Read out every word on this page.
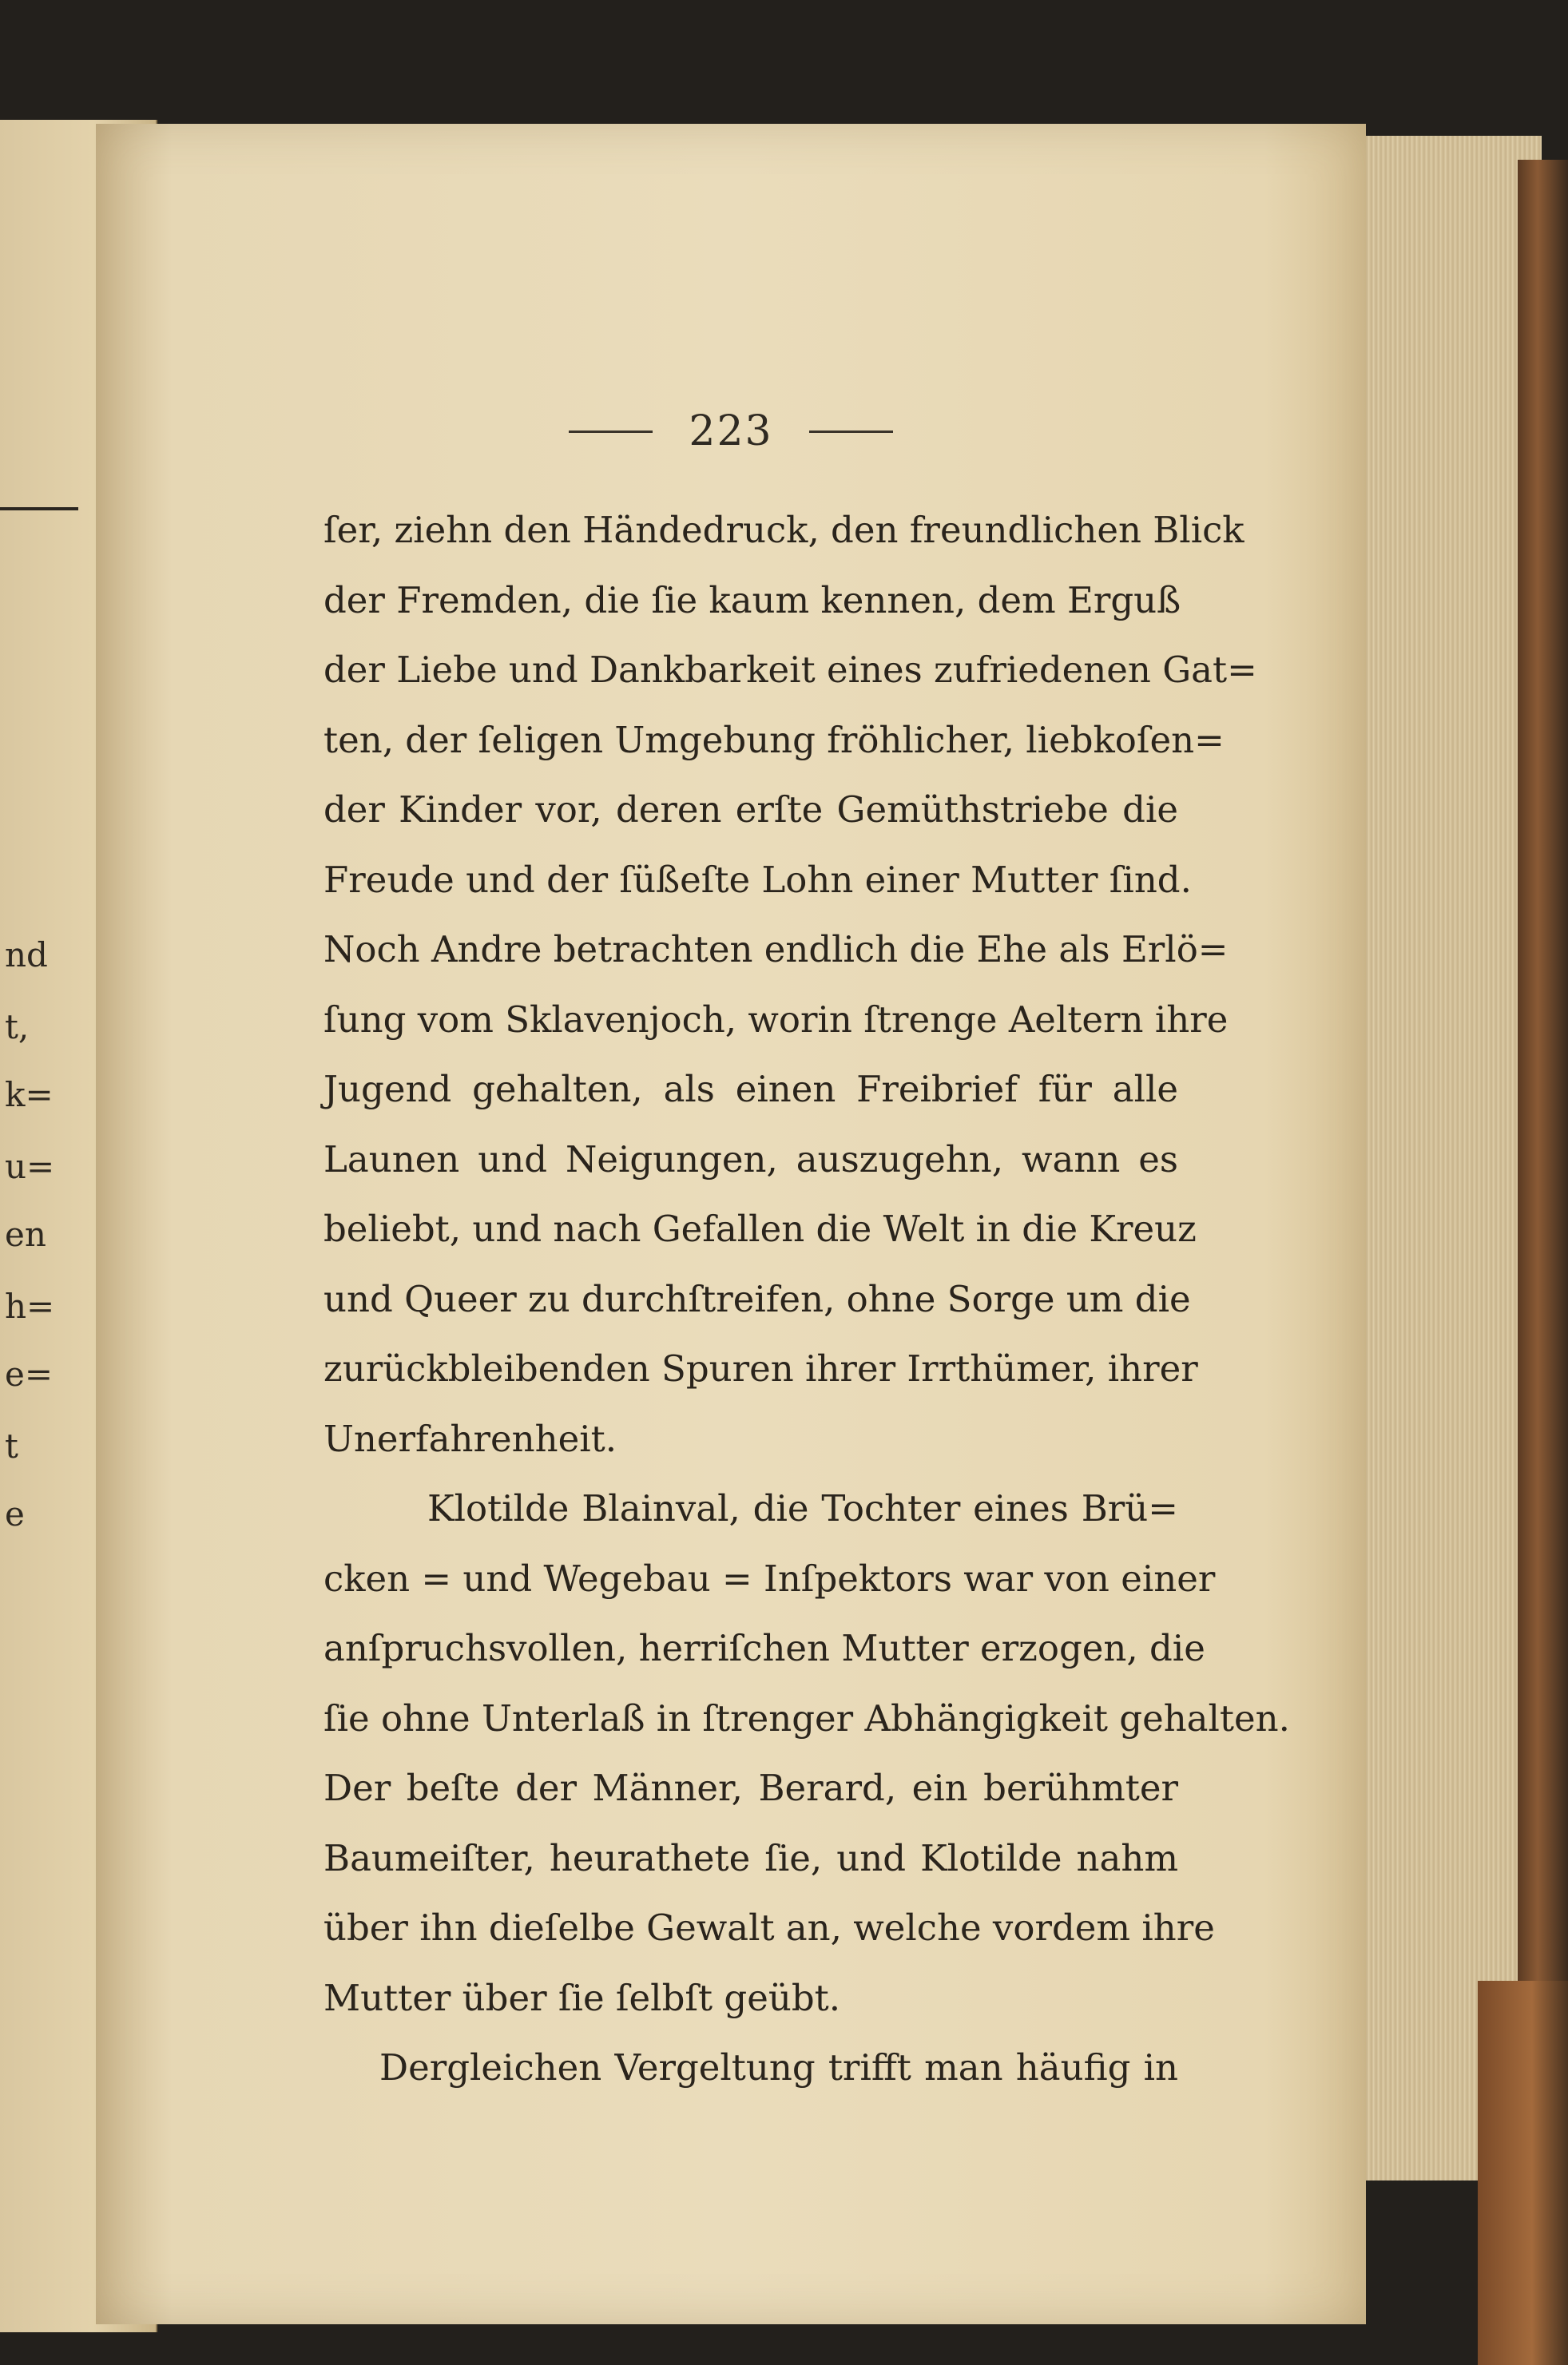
nd
t,
k=
u=
en
h=
e=
t
e
223
ſer, ziehn den Händedruck, den freundlichen Blick
der Fremden, die ſie kaum kennen, dem Erguß
der Liebe und Dankbarkeit eines zufriedenen Gat=
ten, der ſeligen Umgebung fröhlicher, liebkoſen=
der Kinder vor, deren erſte Gemüthstriebe die
Freude und der ſüßeſte Lohn einer Mutter ſind.
Noch Andre betrachten endlich die Ehe als Erlö=
ſung vom Sklavenjoch, worin ſtrenge Aeltern ihre
Jugend gehalten, als einen Freibrief für alle
Launen und Neigungen, auszugehn, wann es
beliebt, und nach Gefallen die Welt in die Kreuz
und Queer zu durchſtreifen, ohne Sorge um die
zurückbleibenden Spuren ihrer Irrthümer, ihrer
Unerfahrenheit.
Klotilde Blainval, die Tochter eines Brü=
cken = und Wegebau = Inſpektors war von einer
anſpruchsvollen, herriſchen Mutter erzogen, die
ſie ohne Unterlaß in ſtrenger Abhängigkeit gehalten.
Der beſte der Männer, Berard, ein berühmter
Baumeiſter, heurathete ſie, und Klotilde nahm
über ihn dieſelbe Gewalt an, welche vordem ihre
Mutter über ſie ſelbſt geübt.
Dergleichen Vergeltung trifft man häufig in
